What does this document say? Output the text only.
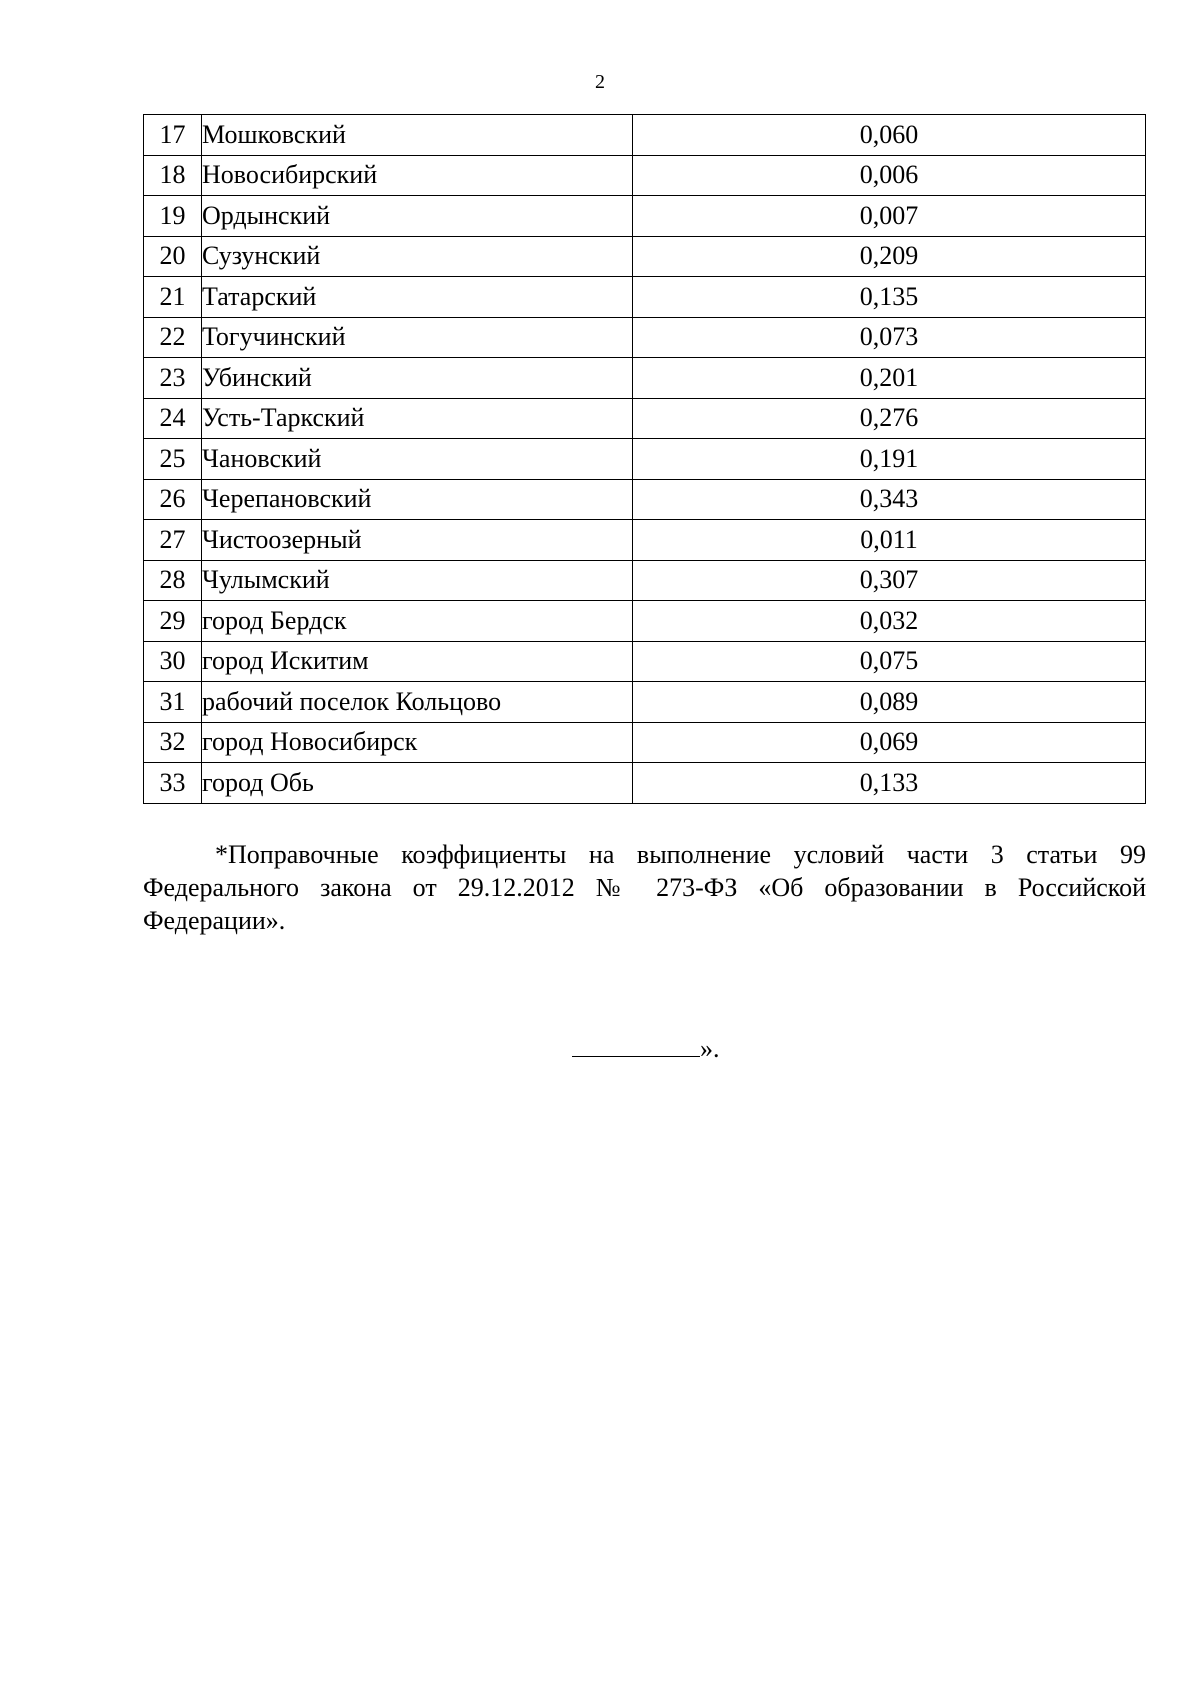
2
17	Мошковский	0,060
18	Новосибирский	0,006
19	Ордынский	0,007
20	Сузунский	0,209
21	Татарский	0,135
22	Тогучинский	0,073
23	Убинский	0,201
24	Усть-Таркский	0,276
25	Чановский	0,191
26	Черепановский	0,343
27	Чистоозерный	0,011
28	Чулымский	0,307
29	город Бердск	0,032
30	город Искитим	0,075
31	рабочий поселок Кольцово	0,089
32	город Новосибирск	0,069
33	город Обь	0,133

*Поправочные коэффициенты на выполнение условий части 3 статьи 99 Федерального закона от 29.12.2012 № 273-ФЗ «Об образовании в Российской Федерации».

».
